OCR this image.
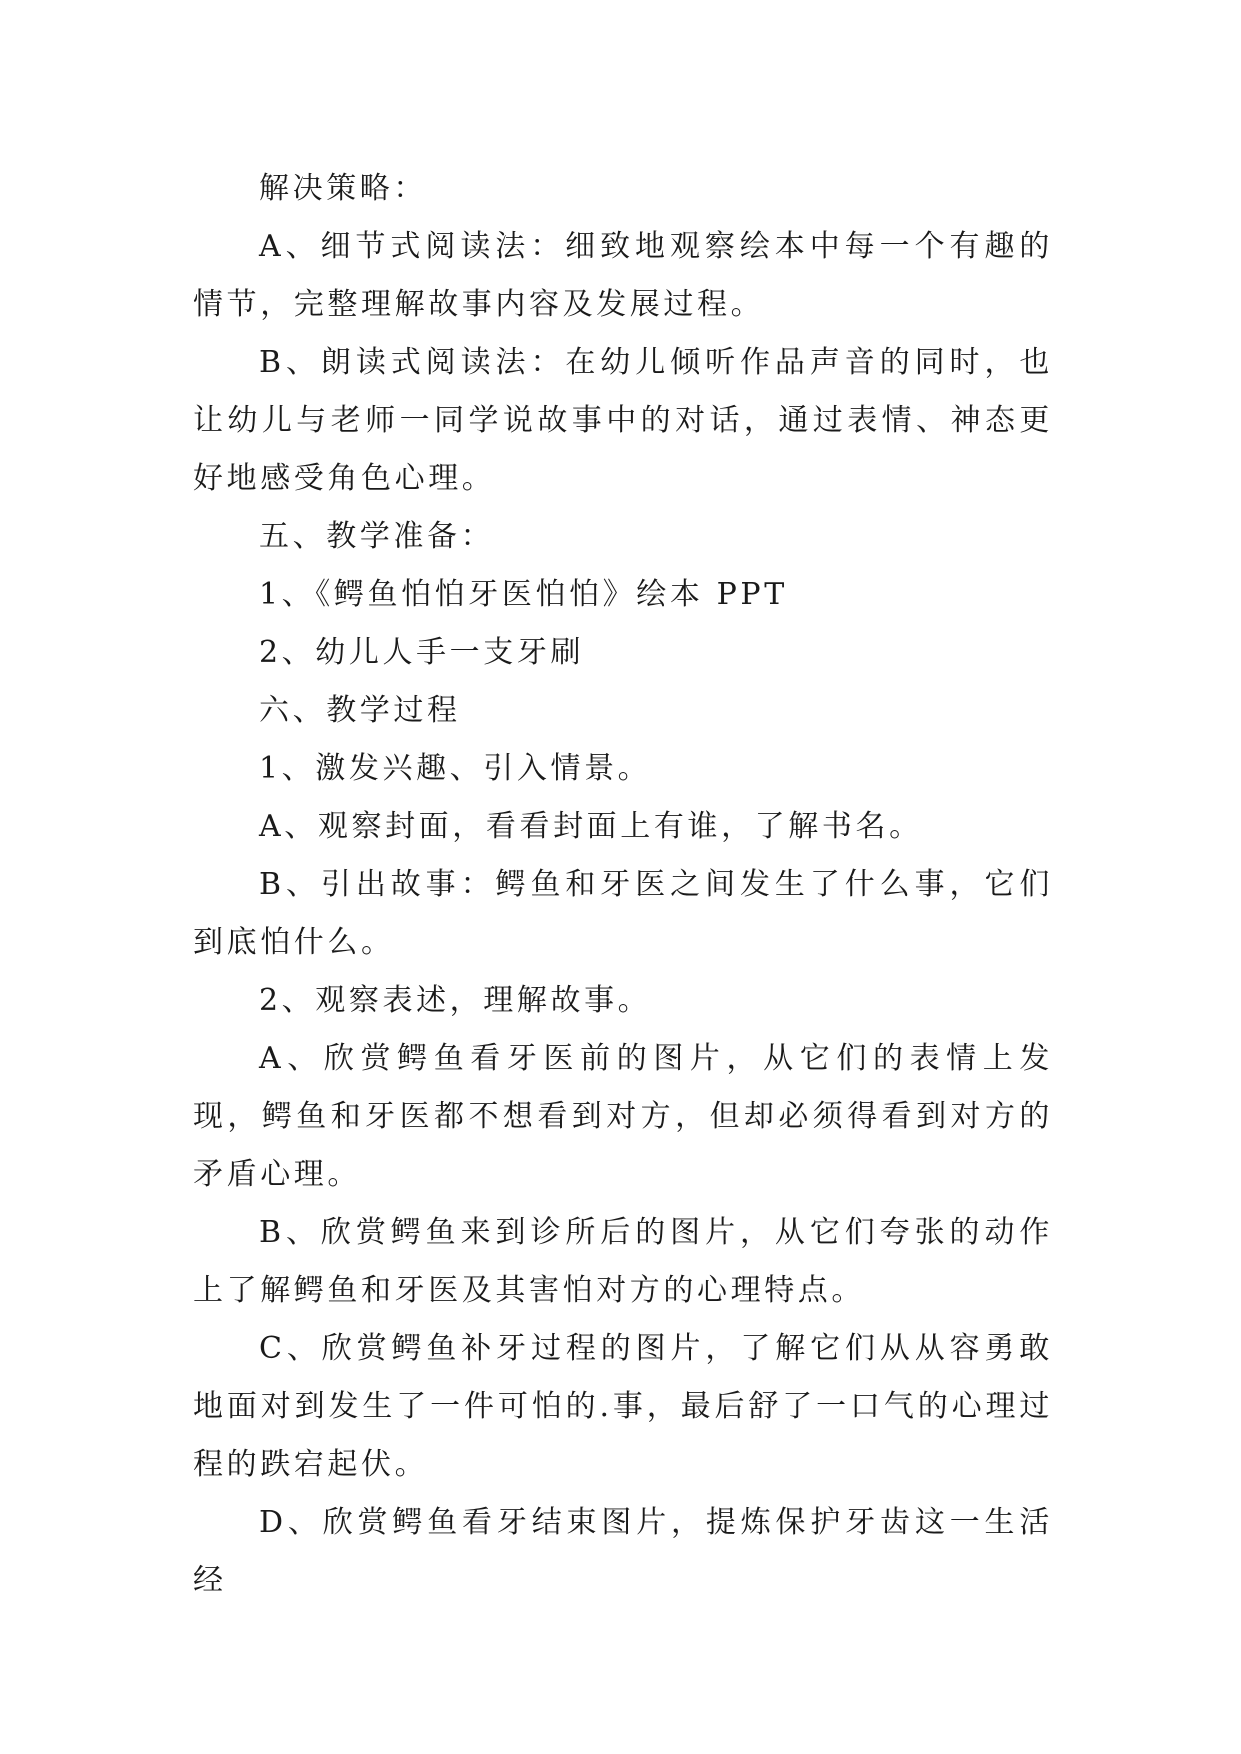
解决策略：

A、细节式阅读法：细致地观察绘本中每一个有趣的情节，完整理解故事内容及发展过程。

B、朗读式阅读法：在幼儿倾听作品声音的同时，也让幼儿与老师一同学说故事中的对话，通过表情、神态更好地感受角色心理。

五、教学准备：

1、《鳄鱼怕怕牙医怕怕》绘本 PPT

2、幼儿人手一支牙刷

六、教学过程

1、激发兴趣、引入情景。

A、观察封面，看看封面上有谁，了解书名。

B、引出故事：鳄鱼和牙医之间发生了什么事，它们到底怕什么。

2、观察表述，理解故事。

A、欣赏鳄鱼看牙医前的图片，从它们的表情上发现，鳄鱼和牙医都不想看到对方，但却必须得看到对方的矛盾心理。

B、欣赏鳄鱼来到诊所后的图片，从它们夸张的动作上了解鳄鱼和牙医及其害怕对方的心理特点。

C、欣赏鳄鱼补牙过程的图片，了解它们从从容勇敢地面对到发生了一件可怕的.事，最后舒了一口气的心理过程的跌宕起伏。

D、欣赏鳄鱼看牙结束图片，提炼保护牙齿这一生活经
